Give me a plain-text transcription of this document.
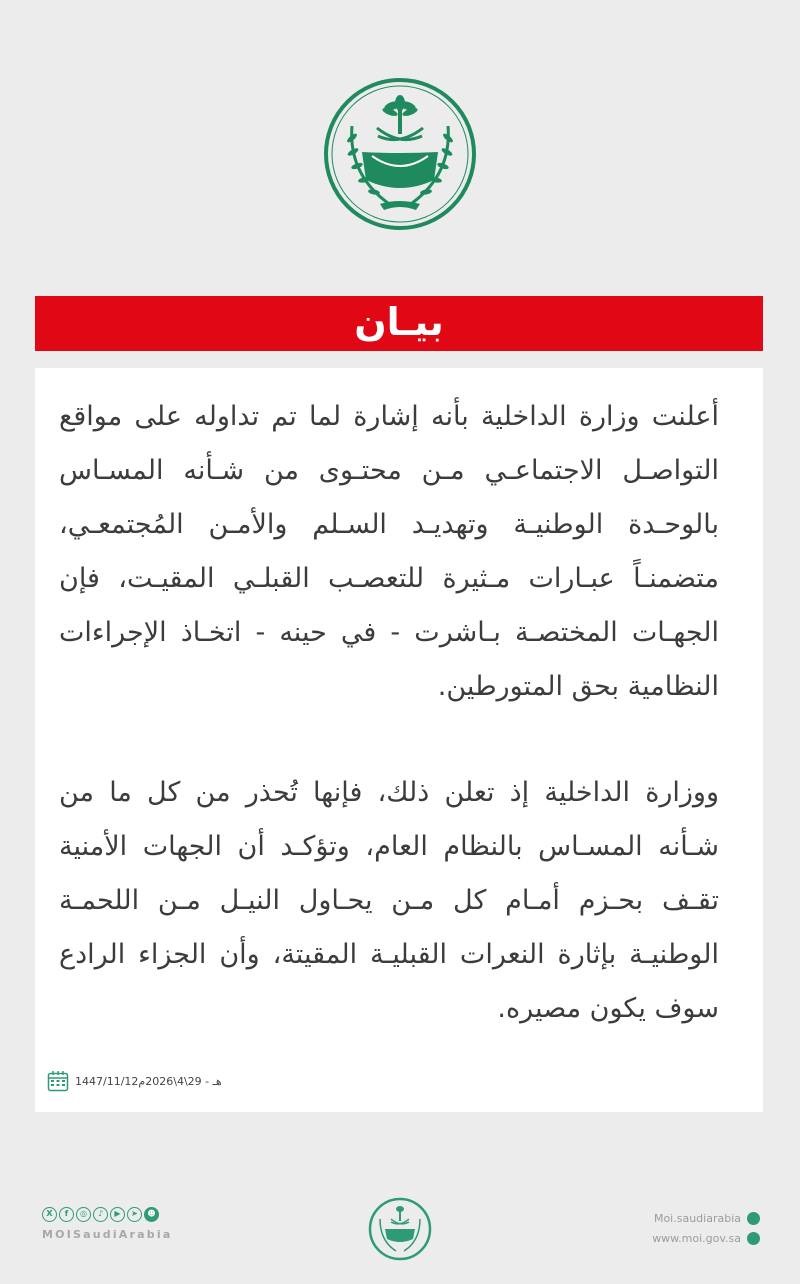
بيـان
أعلنت وزارة الداخلية بأنه إشارة لما تم تداوله على مواقع
التواصـل الاجتماعـي مـن محتـوى من شـأنه المسـاس
بالوحـدة الوطنيـة وتهديـد السـلم والأمـن المُجتمعـي،
متضمنـاً عبـارات مـثيرة للتعصـب القبلـي المقيـت، فإن
الجهـات المختصـة بـاشرت - في حينه - اتخـاذ الإجراءات
النظامية بحق المتورطين.
ووزارة الداخلية إذ تعلن ذلك، فإنها تُحذر من كل ما من
شـأنه المسـاس بالنظام العام، وتؤكـد أن الجهات الأمنية
تقـف بحـزم أمـام كل مـن يحـاول النيـل مـن اللحمـة
الوطنيـة بإثارة النعرات القبليـة المقيتة، وأن الجزاء الرادع
سوف يكون مصيره.
1447/11/12هـ - 29\4\2026م
X	f	◎	♪	▶	➤	☻
MOISaudiArabia
Moi.saudiarabia
www.moi.gov.sa
